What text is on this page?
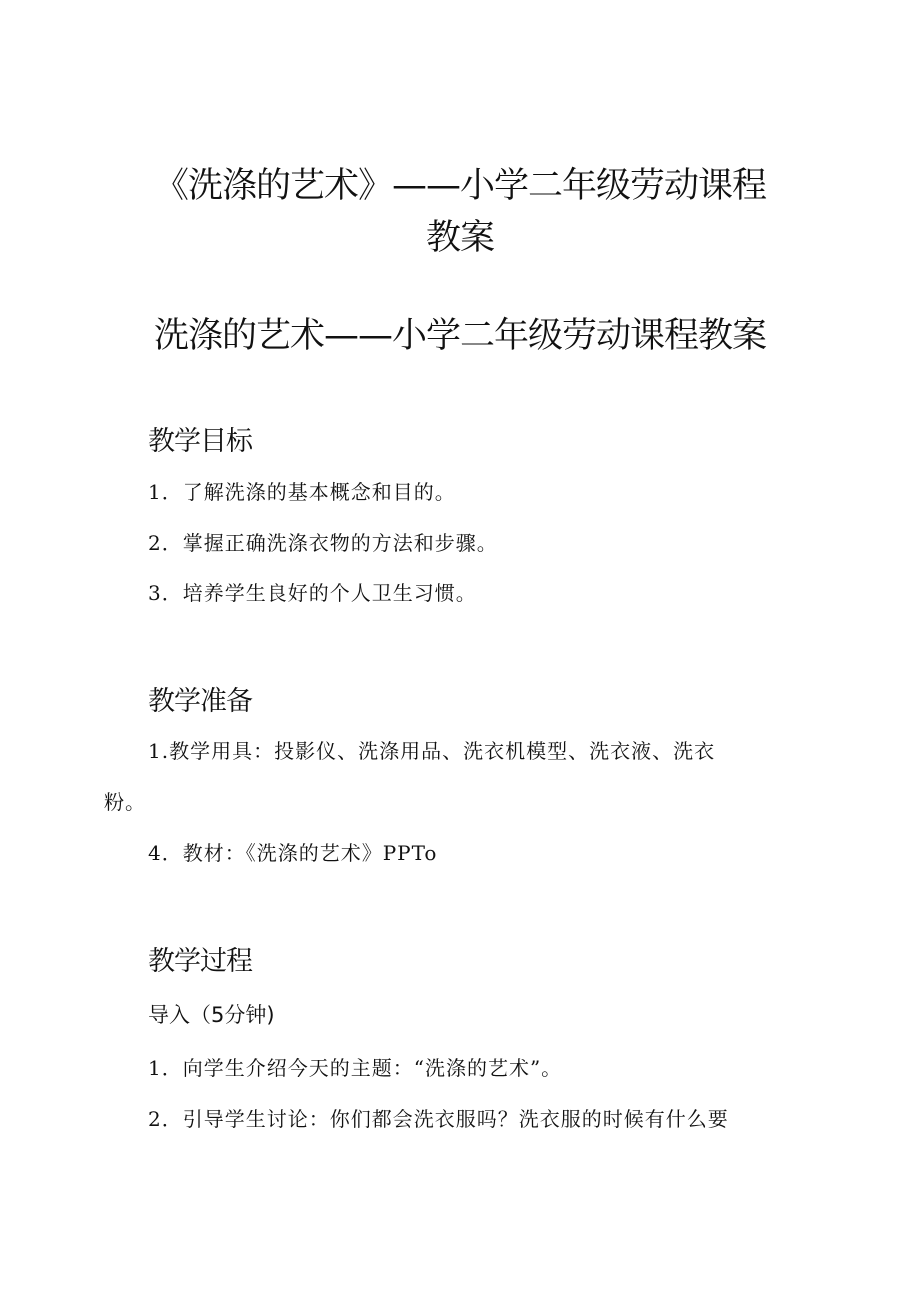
《洗涤的艺术》——小学二年级劳动课程
教案
洗涤的艺术——小学二年级劳动课程教案
教学目标
1．了解洗涤的基本概念和目的。
2．掌握正确洗涤衣物的方法和步骤。
3．培养学生良好的个人卫生习惯。
教学准备
1.教学用具：投影仪、洗涤用品、洗衣机模型、洗衣液、洗衣
粉。
4．教材：《洗涤的艺术》PPTo
教学过程
导入（5分钟)
1．向学生介绍今天的主题：“洗涤的艺术”。
2．引导学生讨论：你们都会洗衣服吗？洗衣服的时候有什么要
